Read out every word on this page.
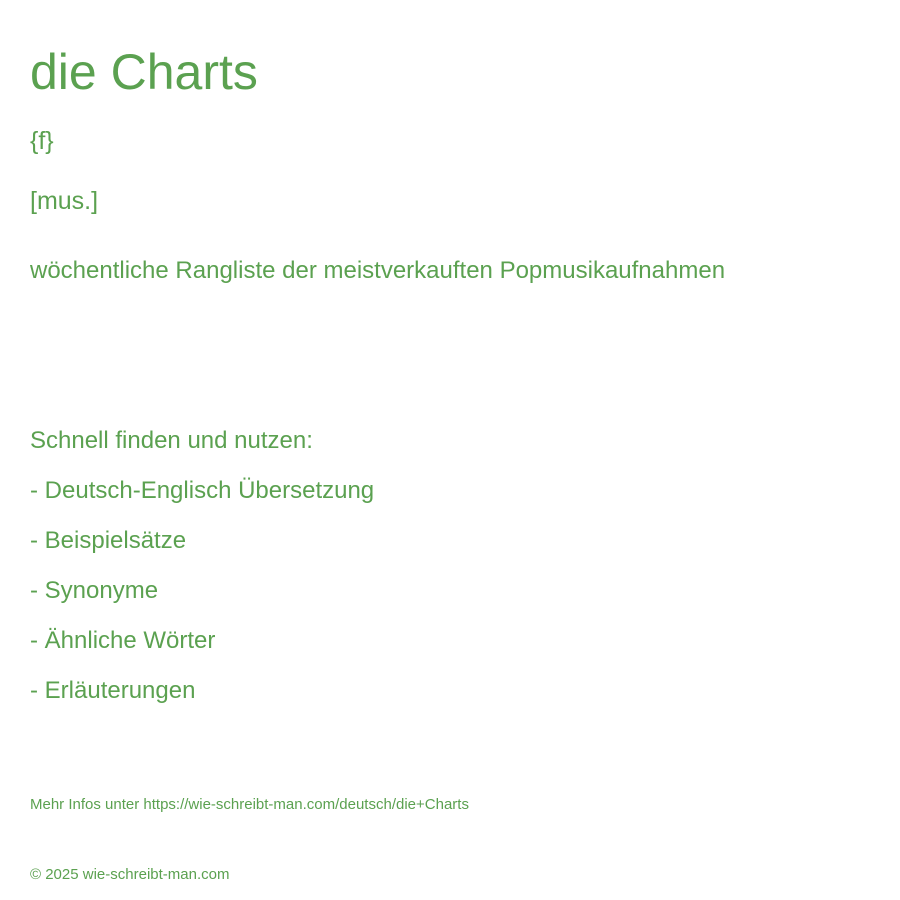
die Charts
{f}
[mus.]
wöchentliche Rangliste der meistverkauften Popmusikaufnahmen
Schnell finden und nutzen:
- Deutsch-Englisch Übersetzung
- Beispielsätze
- Synonyme
- Ähnliche Wörter
- Erläuterungen
Mehr Infos unter https://wie-schreibt-man.com/deutsch/die+Charts
© 2025 wie-schreibt-man.com
